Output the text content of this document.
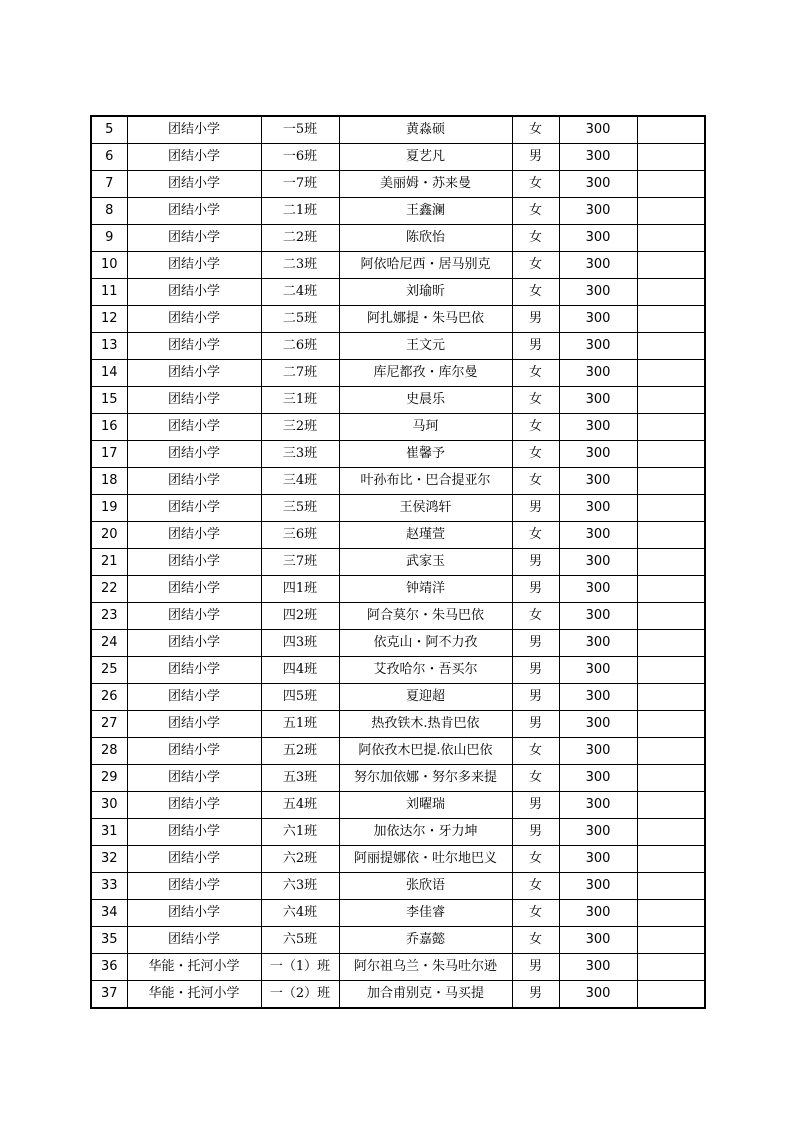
5	团结小学	一5班	黄淼硕	女	300	
6	团结小学	一6班	夏艺凡	男	300	
7	团结小学	一7班	美丽姆・苏来曼	女	300	
8	团结小学	二1班	王鑫澜	女	300	
9	团结小学	二2班	陈欣怡	女	300	
10	团结小学	二3班	阿依哈尼西・居马别克	女	300	
11	团结小学	二4班	刘瑜昕	女	300	
12	团结小学	二5班	阿扎娜提・朱马巴依	男	300	
13	团结小学	二6班	王文元	男	300	
14	团结小学	二7班	库尼都孜・库尔曼	女	300	
15	团结小学	三1班	史晨乐	女	300	
16	团结小学	三2班	马珂	女	300	
17	团结小学	三3班	崔馨予	女	300	
18	团结小学	三4班	叶孙布比・巴合提亚尔	女	300	
19	团结小学	三5班	王侯鸿轩	男	300	
20	团结小学	三6班	赵瑾萱	女	300	
21	团结小学	三7班	武家玉	男	300	
22	团结小学	四1班	钟靖洋	男	300	
23	团结小学	四2班	阿合莫尔・朱马巴依	女	300	
24	团结小学	四3班	依克山・阿不力孜	男	300	
25	团结小学	四4班	艾孜哈尔・吾买尔	男	300	
26	团结小学	四5班	夏迎超	男	300	
27	团结小学	五1班	热孜铁木.热肯巴依	男	300	
28	团结小学	五2班	阿依孜木巴提.依山巴依	女	300	
29	团结小学	五3班	努尔加依娜・努尔多来提	女	300	
30	团结小学	五4班	刘曜瑞	男	300	
31	团结小学	六1班	加依达尔・牙力坤	男	300	
32	团结小学	六2班	阿丽提娜依・吐尔地巴义	女	300	
33	团结小学	六3班	张欣语	女	300	
34	团结小学	六4班	李佳睿	女	300	
35	团结小学	六5班	乔嘉懿	女	300	
36	华能・托河小学	一（1）班	阿尔祖乌兰・朱马吐尔逊	男	300	
37	华能・托河小学	一（2）班	加合甫别克・马买提	男	300	
